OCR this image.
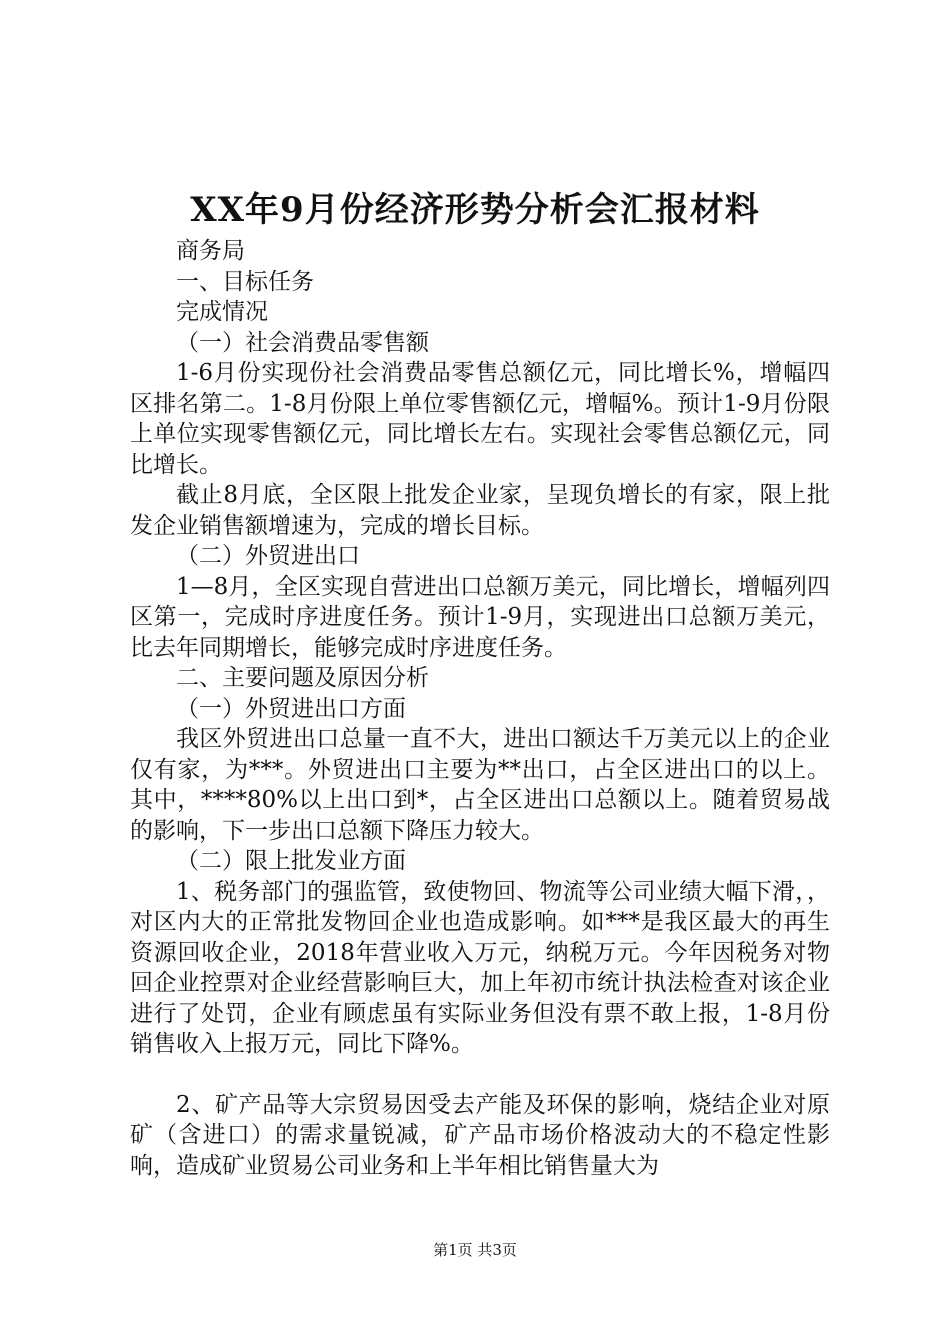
XX年9月份经济形势分析会汇报材料

商务局

一、目标任务

完成情况

（一）社会消费品零售额

1-6月份实现份社会消费品零售总额亿元，同比增长%，增幅四区排名第二。1-8月份限上单位零售额亿元，增幅%。预计1-9月份限上单位实现零售额亿元，同比增长左右。实现社会零售总额亿元，同比增长。

截止8月底，全区限上批发企业家，呈现负增长的有家，限上批发企业销售额增速为，完成的增长目标。

（二）外贸进出口

1—8月，全区实现自营进出口总额万美元，同比增长，增幅列四区第一，完成时序进度任务。预计1-9月，实现进出口总额万美元，比去年同期增长，能够完成时序进度任务。

二、主要问题及原因分析

（一）外贸进出口方面

我区外贸进出口总量一直不大，进出口额达千万美元以上的企业仅有家，为***。外贸进出口主要为**出口，占全区进出口的以上。其中，****80%以上出口到*，占全区进出口总额以上。随着贸易战的影响，下一步出口总额下降压力较大。

（二）限上批发业方面

1、税务部门的强监管，致使物回、物流等公司业绩大幅下滑，，对区内大的正常批发物回企业也造成影响。如***是我区最大的再生资源回收企业，2018年营业收入万元，纳税万元。今年因税务对物回企业控票对企业经营影响巨大，加上年初市统计执法检查对该企业进行了处罚，企业有顾虑虽有实际业务但没有票不敢上报，1-8月份销售收入上报万元，同比下降%。

2、矿产品等大宗贸易因受去产能及环保的影响，烧结企业对原矿（含进口）的需求量锐减，矿产品市场价格波动大的不稳定性影响，造成矿业贸易公司业务和上半年相比销售量大为

第1页 共3页
